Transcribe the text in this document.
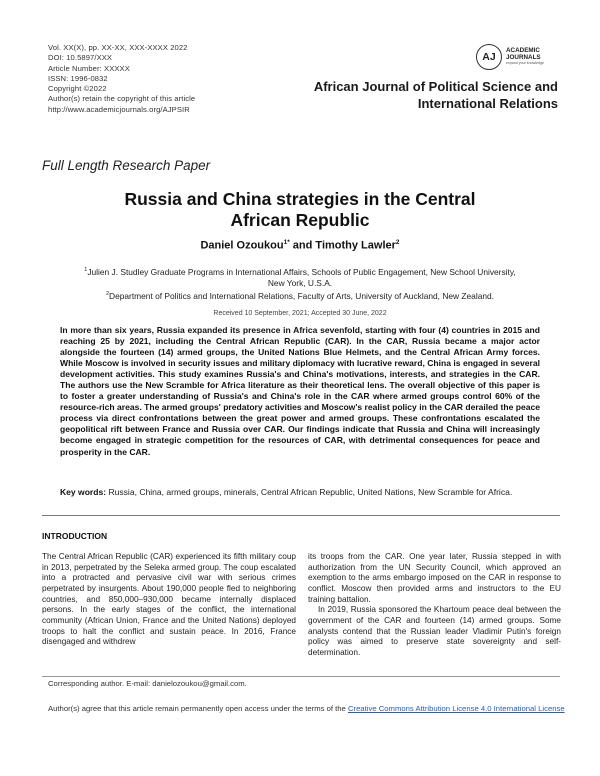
Vol. XX(X), pp. XX-XX, XXX-XXXX 2022
DOI: 10.5897/XXX
Article Number: XXXXX
ISSN: 1996-0832
Copyright ©2022
Author(s) retain the copyright of this article
http://www.academicjournals.org/AJPSIR
AJ
ACADEMIC
JOURNALS
expand your knowledge
African Journal of Political Science and
International Relations
Full Length Research Paper
Russia and China strategies in the Central
African Republic
Daniel Ozoukou$^{1*}$ and Timothy Lawler$^2$
$^1$Julien J. Studley Graduate Programs in International Affairs, Schools of Public Engagement, New School University,
New York, U.S.A.
$^2$Department of Politics and International Relations, Faculty of Arts, University of Auckland, New Zealand.
Received 10 September, 2021; Accepted 30 June, 2022
In more than six years, Russia expanded its presence in Africa sevenfold, starting with four (4) countries in 2015 and reaching 25 by 2021, including the Central African Republic (CAR). In the CAR, Russia became a major actor alongside the fourteen (14) armed groups, the United Nations Blue Helmets, and the Central African Army forces. While Moscow is involved in security issues and military diplomacy with lucrative reward, China is engaged in several development activities. This study examines Russia's and China's motivations, interests, and strategies in the CAR. The authors use the New Scramble for Africa literature as their theoretical lens. The overall objective of this paper is to foster a greater understanding of Russia's and China's role in the CAR where armed groups control 60% of the resource-rich areas. The armed groups' predatory activities and Moscow's realist policy in the CAR derailed the peace process via direct confrontations between the great power and armed groups. These confrontations escalated the geopolitical rift between France and Russia over CAR. Our findings indicate that Russia and China will increasingly become engaged in strategic competition for the resources of CAR, with detrimental consequences for peace and prosperity in the CAR.
Key words: Russia, China, armed groups, minerals, Central African Republic, United Nations, New Scramble for Africa.
INTRODUCTION

The Central African Republic (CAR) experienced its fifth military coup in 2013, perpetrated by the Seleka armed group. The coup escalated into a protracted and pervasive civil war with serious crimes perpetrated by insurgents. About 190,000 people fled to neighboring countries, and 850,000–930,000 became internally displaced persons. In the early stages of the conflict, the international community (African Union, France and the United Nations) deployed troops to halt the conflict and sustain peace. In 2016, France disengaged and withdrew

its troops from the CAR. One year later, Russia stepped in with authorization from the UN Security Council, which approved an exemption to the arms embargo imposed on the CAR in response to conflict. Moscow then provided arms and instructors to the EU training battalion.

In 2019, Russia sponsored the Khartoum peace deal between the government of the CAR and fourteen (14) armed groups. Some analysts contend that the Russian leader Vladimir Putin's foreign policy was aimed to preserve state sovereignty and self-determination.

Corresponding author. E-mail: danielozoukou@gmail.com.
Author(s) agree that this article remain permanently open access under the terms of the Creative Commons Attribution License 4.0 International License
